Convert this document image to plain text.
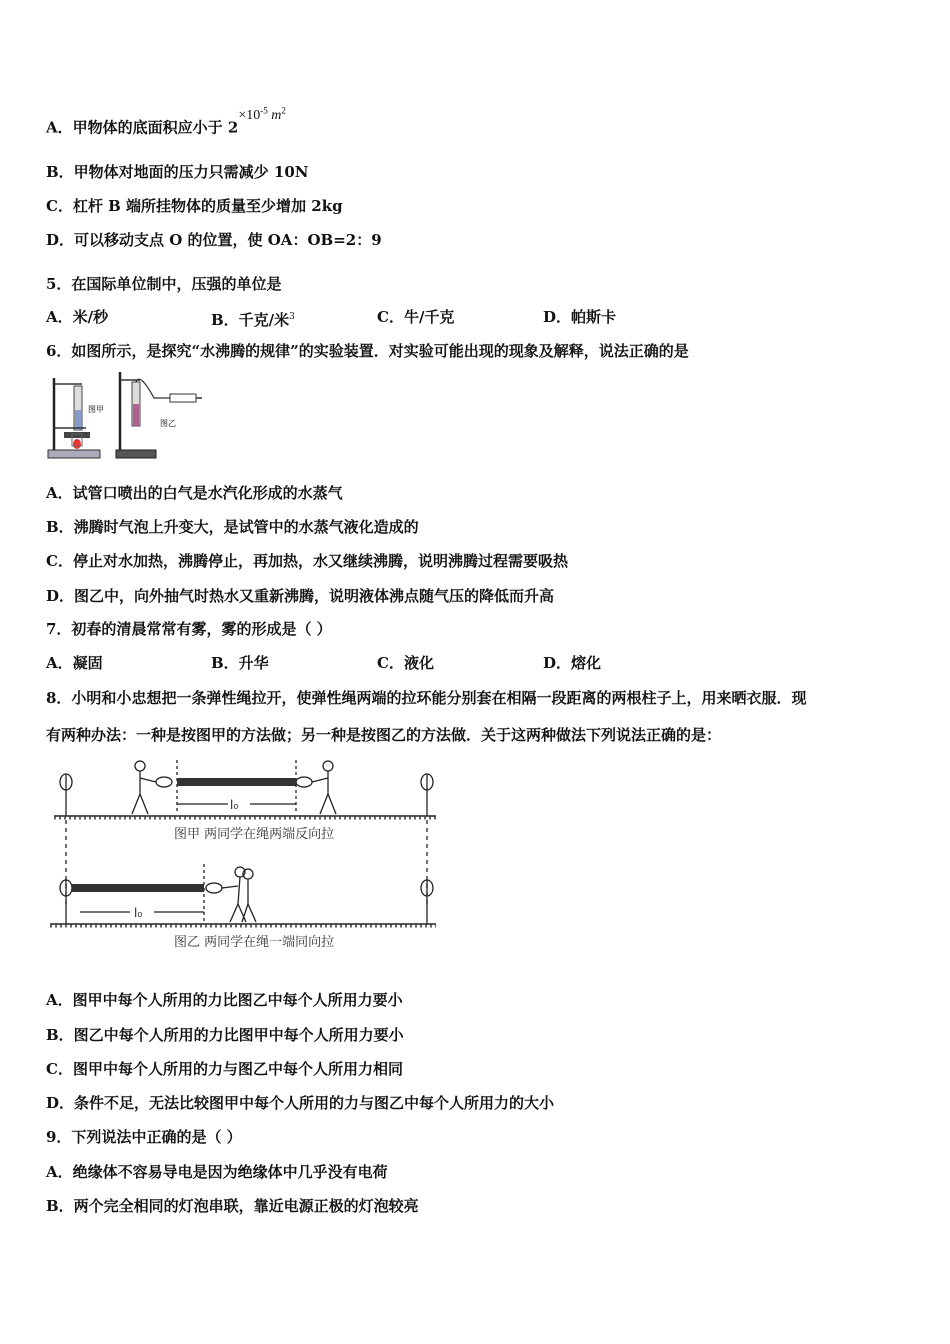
A．甲物体的底面积应小于 $2\times 10^{-5}$ $m^2$
B．甲物体对地面的压力只需减少 10N
C．杠杆 B 端所挂物体的质量至少增加 2kg
D．可以移动支点 O 的位置，使 OA：OB=2：9
5．在国际单位制中，压强的单位是
A．米/秒	B．千克/米$^3$	C．牛/千克	D．帕斯卡
6．如图所示，是探究“水沸腾的规律”的实验装置．对实验可能出现的现象及解释，说法正确的是
图甲
图乙
A．试管口喷出的白气是水汽化形成的水蒸气
B．沸腾时气泡上升变大，是试管中的水蒸气液化造成的
C．停止对水加热，沸腾停止，再加热，水又继续沸腾，说明沸腾过程需要吸热
D．图乙中，向外抽气时热水又重新沸腾，说明液体沸点随气压的降低而升高
7．初春的清晨常常有雾，雾的形成是（ ）
A．凝固	B．升华	C．液化	D．熔化
8．小明和小忠想把一条弹性绳拉开，使弹性绳两端的拉环能分别套在相隔一段距离的两根柱子上，用来晒衣服．现
有两种办法：一种是按图甲的方法做；另一种是按图乙的方法做．关于这两种做法下列说法正确的是：
l₀
l₀
图甲 两同学在绳两端反向拉
图乙 两同学在绳一端同向拉
A．图甲中每个人所用的力比图乙中每个人所用力要小
B．图乙中每个人所用的力比图甲中每个人所用力要小
C．图甲中每个人所用的力与图乙中每个人所用力相同
D．条件不足，无法比较图甲中每个人所用的力与图乙中每个人所用力的大小
9．下列说法中正确的是（ ）
A．绝缘体不容易导电是因为绝缘体中几乎没有电荷
B．两个完全相同的灯泡串联，靠近电源正极的灯泡较亮
